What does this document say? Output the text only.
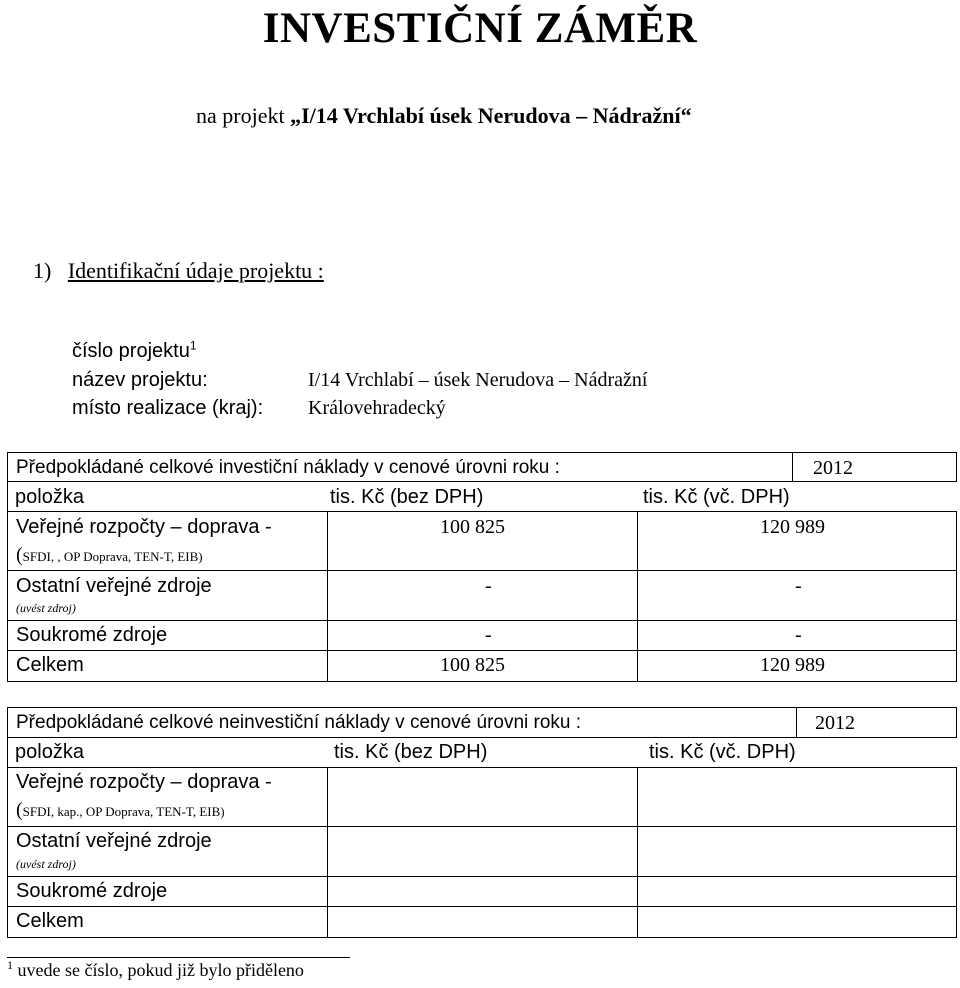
INVESTIČNÍ ZÁMĚR
na projekt „I/14 Vrchlabí úsek Nerudova – Nádražní“
1) Identifikační údaje projektu :
číslo projektu$^1$
název projektu:	I/14 Vrchlabí – úsek Nerudova – Nádražní
místo realizace (kraj): Královehradecký
Předpokládané celkové investiční náklady v cenové úrovni roku :	2012
položka	tis. Kč (bez DPH)	tis. Kč (vč. DPH)
Veřejné rozpočty – doprava -
(SFDI, , OP Doprava, TEN-T, EIB)
100 825	120 989
Ostatní veřejné zdroje
(uvést zdroj)
-	-
Soukromé zdroje	-	-
Celkem	100 825	120 989
Předpokládané celkové neinvestiční náklady v cenové úrovni roku :	2012
položka	tis. Kč (bez DPH)	tis. Kč (vč. DPH)
Veřejné rozpočty – doprava -
(SFDI, kap., OP Doprava, TEN-T, EIB)
Ostatní veřejné zdroje
(uvést zdroj)
Soukromé zdroje
Celkem
$^1$ uvede se číslo, pokud již bylo přiděleno
